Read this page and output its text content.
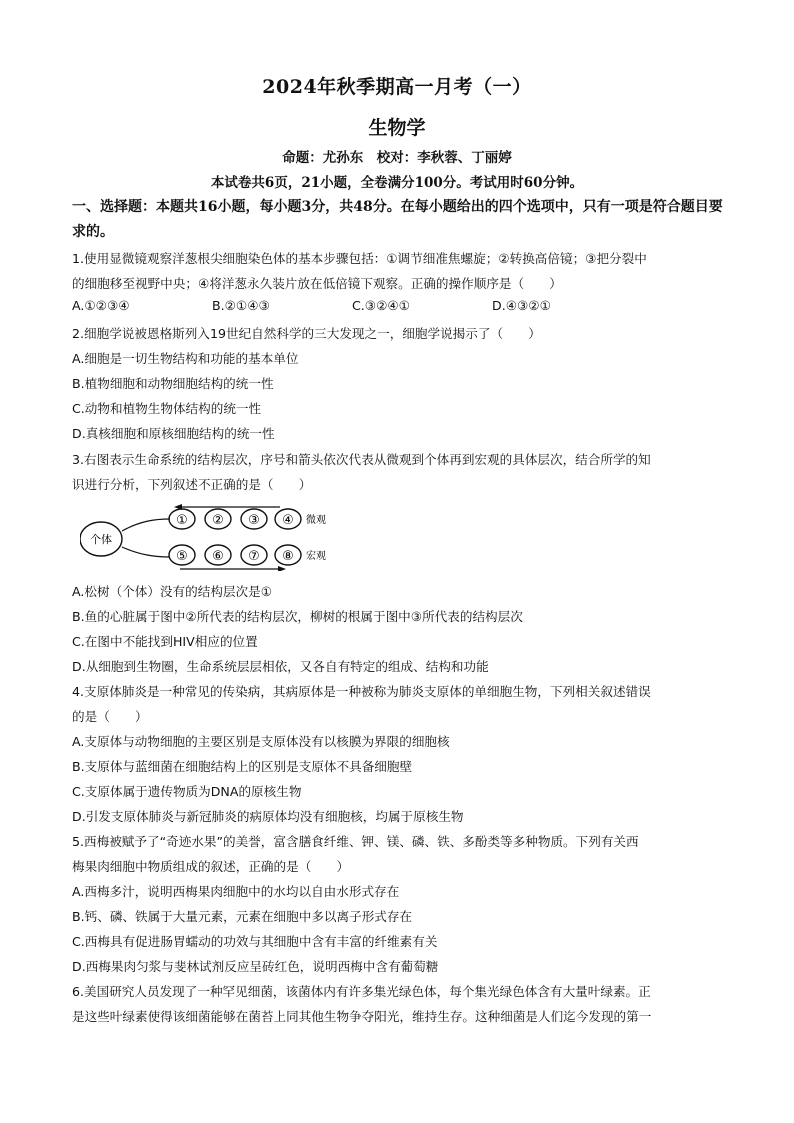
2024年秋季期高一月考（一）
生物学
命题：尤孙东　校对：李秋蓉、丁丽婷
本试卷共6页，21小题，全卷满分100分。考试用时60分钟。
一、选择题：本题共16小题，每小题3分，共48分。在每小题给出的四个选项中，只有一项是符合题目要求的。
1.使用显微镜观察洋葱根尖细胞染色体的基本步骤包括：①调节细准焦螺旋；②转换高倍镜；③把分裂中
的细胞移至视野中央；④将洋葱永久装片放在低倍镜下观察。正确的操作顺序是（　　）
A.①②③④	B.②①④③	C.③②④①	D.④③②①
2.细胞学说被恩格斯列入19世纪自然科学的三大发现之一，细胞学说揭示了（　　）
A.细胞是一切生物结构和功能的基本单位
B.植物细胞和动物细胞结构的统一性
C.动物和植物生物体结构的统一性
D.真核细胞和原核细胞结构的统一性
3.右图表示生命系统的结构层次，序号和箭头依次代表从微观到个体再到宏观的具体层次，结合所学的知
识进行分析，下列叙述不正确的是（　　）
个体
① ② ③ ④
⑤ ⑥ ⑦ ⑧
微观
宏观
A.松树（个体）没有的结构层次是①
B.鱼的心脏属于图中②所代表的结构层次，柳树的根属于图中③所代表的结构层次
C.在图中不能找到HIV相应的位置
D.从细胞到生物圈，生命系统层层相依，又各自有特定的组成、结构和功能
4.支原体肺炎是一种常见的传染病，其病原体是一种被称为肺炎支原体的单细胞生物，下列相关叙述错误
的是（　　）
A.支原体与动物细胞的主要区别是支原体没有以核膜为界限的细胞核
B.支原体与蓝细菌在细胞结构上的区别是支原体不具备细胞壁
C.支原体属于遗传物质为DNA的原核生物
D.引发支原体肺炎与新冠肺炎的病原体均没有细胞核，均属于原核生物
5.西梅被赋予了“奇迹水果”的美誉，富含膳食纤维、钾、镁、磷、铁、多酚类等多种物质。下列有关西
梅果肉细胞中物质组成的叙述，正确的是（　　）
A.西梅多汁，说明西梅果肉细胞中的水均以自由水形式存在
B.钙、磷、铁属于大量元素，元素在细胞中多以离子形式存在
C.西梅具有促进肠胃蠕动的功效与其细胞中含有丰富的纤维素有关
D.西梅果肉匀浆与斐林试剂反应呈砖红色，说明西梅中含有葡萄糖
6.美国研究人员发现了一种罕见细菌，该菌体内有许多集光绿色体，每个集光绿色体含有大量叶绿素。正
是这些叶绿素使得该细菌能够在菌苔上同其他生物争夺阳光，维持生存。这种细菌是人们迄今发现的第一
